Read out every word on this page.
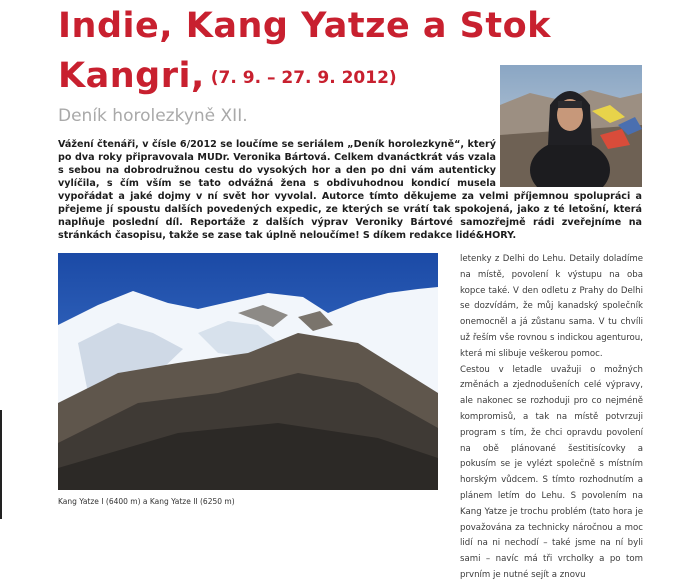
Indie, Kang Yatze a Stok
Kangri, (7. 9. – 27. 9. 2012)
Deník horolezkyně XII.
Vážení čtenáři, v čísle 6/2012 se loučíme se seriálem „Deník horolezkyně“, který po dva roky připravovala MUDr. Veronika Bártová. Celkem dvanáctkrát vás vzala s sebou na dobrodružnou cestu do vysokých hor a den po dni vám autenticky vylíčila, s čím vším se tato odvážná žena s obdivuhodnou kondicí musela vypořádat a jaké dojmy v ní svět hor vyvolal. Autorce tímto děkujeme za velmi příjemnou spolupráci a přejeme jí spoustu dalších povedených expedic, ze kterých se vrátí tak spokojená, jako z té letošní, která naplňuje poslední díl. Reportáže z dalších výprav Veroniky Bártové samozřejmě rádi zveřejníme na stránkách časopisu, takže se zase tak úplně neloučíme! S díkem redakce lidé&HORY.
Kang Yatze I (6400 m) a Kang Yatze II (6250 m)

letenky z Delhi do Lehu. Detaily doladíme na místě, povolení k výstupu na oba kopce také. V den odletu z Prahy do Delhi se dozvídám, že můj kanadský společník onemocněl a já zůstanu sama. V tu chvíli už řeším vše rovnou s indickou agenturou, která mi slibuje veškerou pomoc.

Cestou v letadle uvažuji o možných změnách a zjednodušeních celé výpravy, ale nakonec se rozhoduji pro co nejméně kompromisů, a tak na místě potvrzuji program s tím, že chci opravdu povolení na obě plánované šestitisícovky a pokusím se je vylézt společně s místním horským vůdcem. S tímto rozhodnutím a plánem letím do Lehu. S povolením na Kang Yatze je trochu problém (tato hora je považována za technicky náročnou a moc lidí na ni nechodí – také jsme na ní byli sami – navíc má tři vrcholky a po tom prvním je nutné sejít a znovu
